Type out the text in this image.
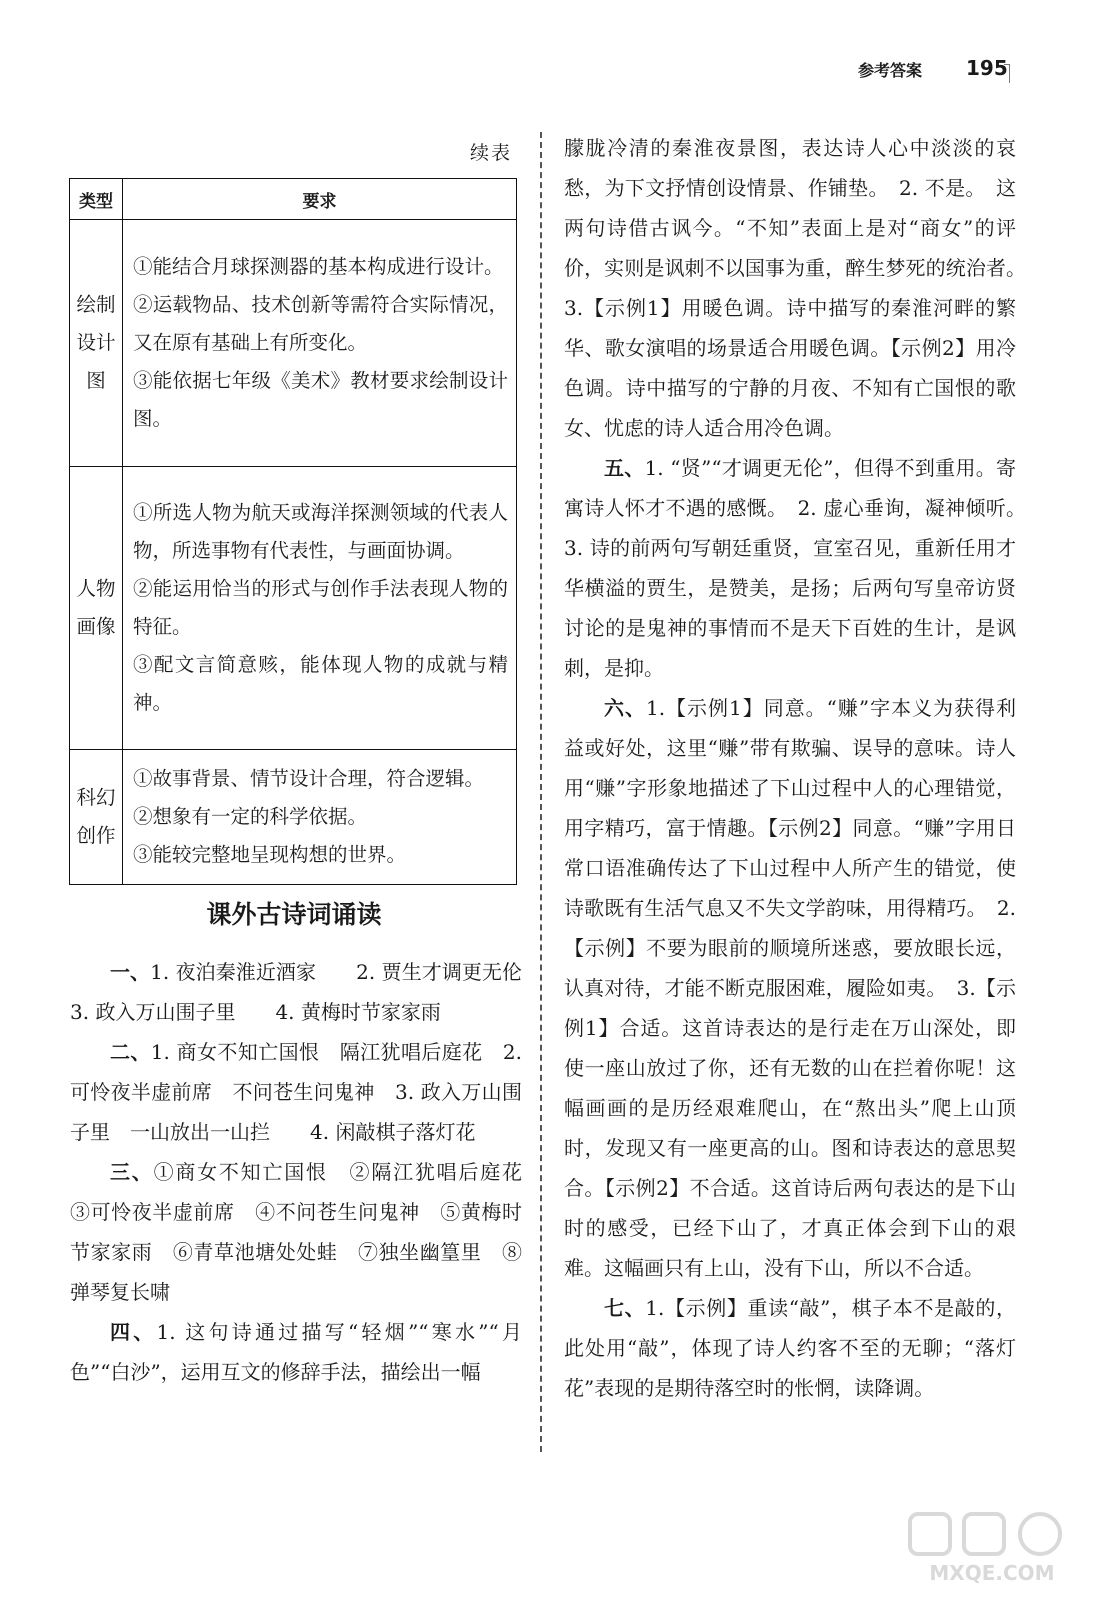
参考答案 195
续表
类型	要求
绘制设计图	①能结合月球探测器的基本构成进行设计。
②运载物品、技术创新等需符合实际情况，又在原有基础上有所变化。
③能依据七年级《美术》教材要求绘制设计图。

人物画像	①所选人物为航天或海洋探测领域的代表人物，所选事物有代表性，与画面协调。
②能运用恰当的形式与创作手法表现人物的特征。
③配文言简意赅，能体现人物的成就与精神。

科幻创作	①故事背景、情节设计合理，符合逻辑。
②想象有一定的科学依据。
③能较完整地呈现构想的世界。
课外古诗词诵读

一、1. 夜泊秦淮近酒家　　2. 贾生才调更无伦　3. 政入万山围子里　　4. 黄梅时节家家雨

二、1. 商女不知亡国恨　隔江犹唱后庭花　2. 可怜夜半虚前席　不问苍生问鬼神　3. 政入万山围子里　一山放出一山拦　　4. 闲敲棋子落灯花

三、①商女不知亡国恨　②隔江犹唱后庭花　③可怜夜半虚前席　④不问苍生问鬼神　⑤黄梅时节家家雨　⑥青草池塘处处蛙　⑦独坐幽篁里　⑧弹琴复长啸

四、1. 这句诗通过描写“轻烟”“寒水”“月色”“白沙”，运用互文的修辞手法，描绘出一幅

朦胧冷清的秦淮夜景图，表达诗人心中淡淡的哀愁，为下文抒情创设情景、作铺垫。　2. 不是。　这两句诗借古讽今。“不知”表面上是对“商女”的评价，实则是讽刺不以国事为重，醉生梦死的统治者。　3.【示例1】用暖色调。诗中描写的秦淮河畔的繁华、歌女演唱的场景适合用暖色调。【示例2】用冷色调。诗中描写的宁静的月夜、不知有亡国恨的歌女、忧虑的诗人适合用冷色调。

五、1. “贤”“才调更无伦”，但得不到重用。寄寓诗人怀才不遇的感慨。　2. 虚心垂询，凝神倾听。　3. 诗的前两句写朝廷重贤，宣室召见，重新任用才华横溢的贾生，是赞美，是扬；后两句写皇帝访贤讨论的是鬼神的事情而不是天下百姓的生计，是讽刺，是抑。

六、1.【示例1】同意。“赚”字本义为获得利益或好处，这里“赚”带有欺骗、误导的意味。诗人用“赚”字形象地描述了下山过程中人的心理错觉，用字精巧，富于情趣。【示例2】同意。“赚”字用日常口语准确传达了下山过程中人所产生的错觉，使诗歌既有生活气息又不失文学韵味，用得精巧。　2.【示例】不要为眼前的顺境所迷惑，要放眼长远，认真对待，才能不断克服困难，履险如夷。　3.【示例1】合适。这首诗表达的是行走在万山深处，即使一座山放过了你，还有无数的山在拦着你呢！这幅画画的是历经艰难爬山，在“熬出头”爬上山顶时，发现又有一座更高的山。图和诗表达的意思契合。【示例2】不合适。这首诗后两句表达的是下山时的感受，已经下山了，才真正体会到下山的艰难。这幅画只有上山，没有下山，所以不合适。

七、1.【示例】重读“敲”，棋子本不是敲的，此处用“敲”，体现了诗人约客不至的无聊；“落灯花”表现的是期待落空时的怅惘，读降调。

MXQE.COM
